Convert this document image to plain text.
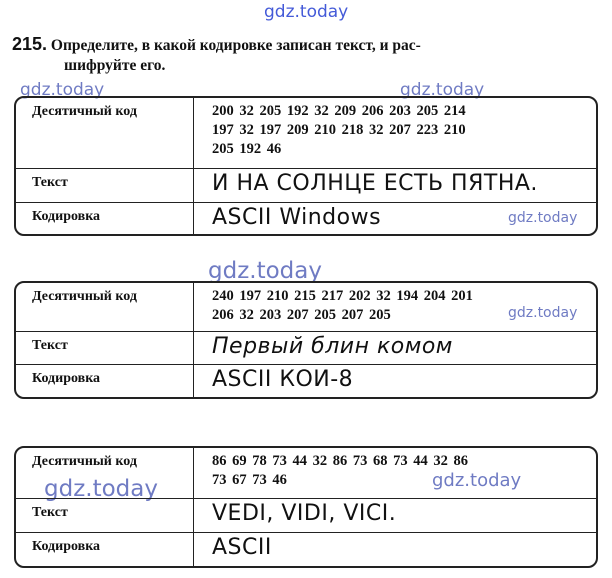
gdz.today
gdz.today	gdz.today
gdz.today
gdz.today
gdz.today
gdz.today	gdz.today
215. Определите, в какой кодировке записан текст, и рас-
шифруйте его.
Десятичный код	200 32 205 192 32 209 206 203 205 214
197 32 197 209 210 218 32 207 223 210
205 192 46
Текст	И НА СОЛНЦЕ ЕСТЬ ПЯТНА.
Кодировка	ASCII Windows
Десятичный код	240 197 210 215 217 202 32 194 204 201
206 32 203 207 205 207 205
Текст	Первый блин комом
Кодировка	ASCII КОИ-8
Десятичный код	86 69 78 73 44 32 86 73 68 73 44 32 86
73 67 73 46
Текст	VEDI, VIDI, VICI.
Кодировка	ASCII
